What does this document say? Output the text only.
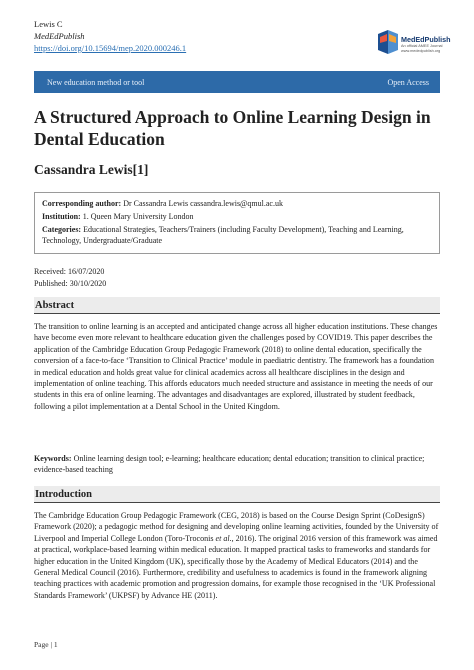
Lewis C
MedEdPublish
https://doi.org/10.15694/mep.2020.000246.1
MedEdPublish
An official AMEE Journal
www.mededpublish.org
New education method or tool	Open Access
A Structured Approach to Online Learning Design in Dental Education
Cassandra Lewis[1]
Corresponding author: Dr Cassandra Lewis cassandra.lewis@qmul.ac.uk
Institution: 1. Queen Mary University London
Categories: Educational Strategies, Teachers/Trainers (including Faculty Development), Teaching and Learning, Technology, Undergraduate/Graduate
Received: 16/07/2020
Published: 30/10/2020
Abstract

The transition to online learning is an accepted and anticipated change across all higher education institutions. These changes have become even more relevant to healthcare education given the challenges posed by COVID19. This paper describes the application of the Cambridge Education Group Pedagogic Framework (2018) to online dental education, specifically the conversion of a face-to-face ‘Transition to Clinical Practice’ module in paediatric dentistry. The framework has a foundation in medical education and holds great value for clinical academics across all healthcare disciplines in the design and implementation of online teaching. This affords educators much needed structure and assistance in meeting the needs of our students in this era of online learning. The advantages and disadvantages are explored, illustrated by student feedback, following a pilot implementation at a Dental School in the United Kingdom.

Keywords: Online learning design tool; e-learning; healthcare education; dental education; transition to clinical practice; evidence-based teaching

Introduction

The Cambridge Education Group Pedagogic Framework (CEG, 2018) is based on the Course Design Sprint (CoDesignS) Framework (2020); a pedagogic method for designing and developing online learning activities, founded by the University of Liverpool and Imperial College London (Toro-Troconis et al., 2016). The original 2016 version of this framework was aimed at practical, workplace-based learning within medical education. It mapped practical tasks to frameworks and standards for higher education in the United Kingdom (UK), specifically those by the Academy of Medical Educators (2014) and the General Medical Council (2016). Furthermore, credibility and usefulness to academics is found in the framework aligning teaching practices with academic promotion and progression domains, for example those recognised in the ‘UK Professional Standards Framework’ (UKPSF) by Advance HE (2011).

Page | 1
